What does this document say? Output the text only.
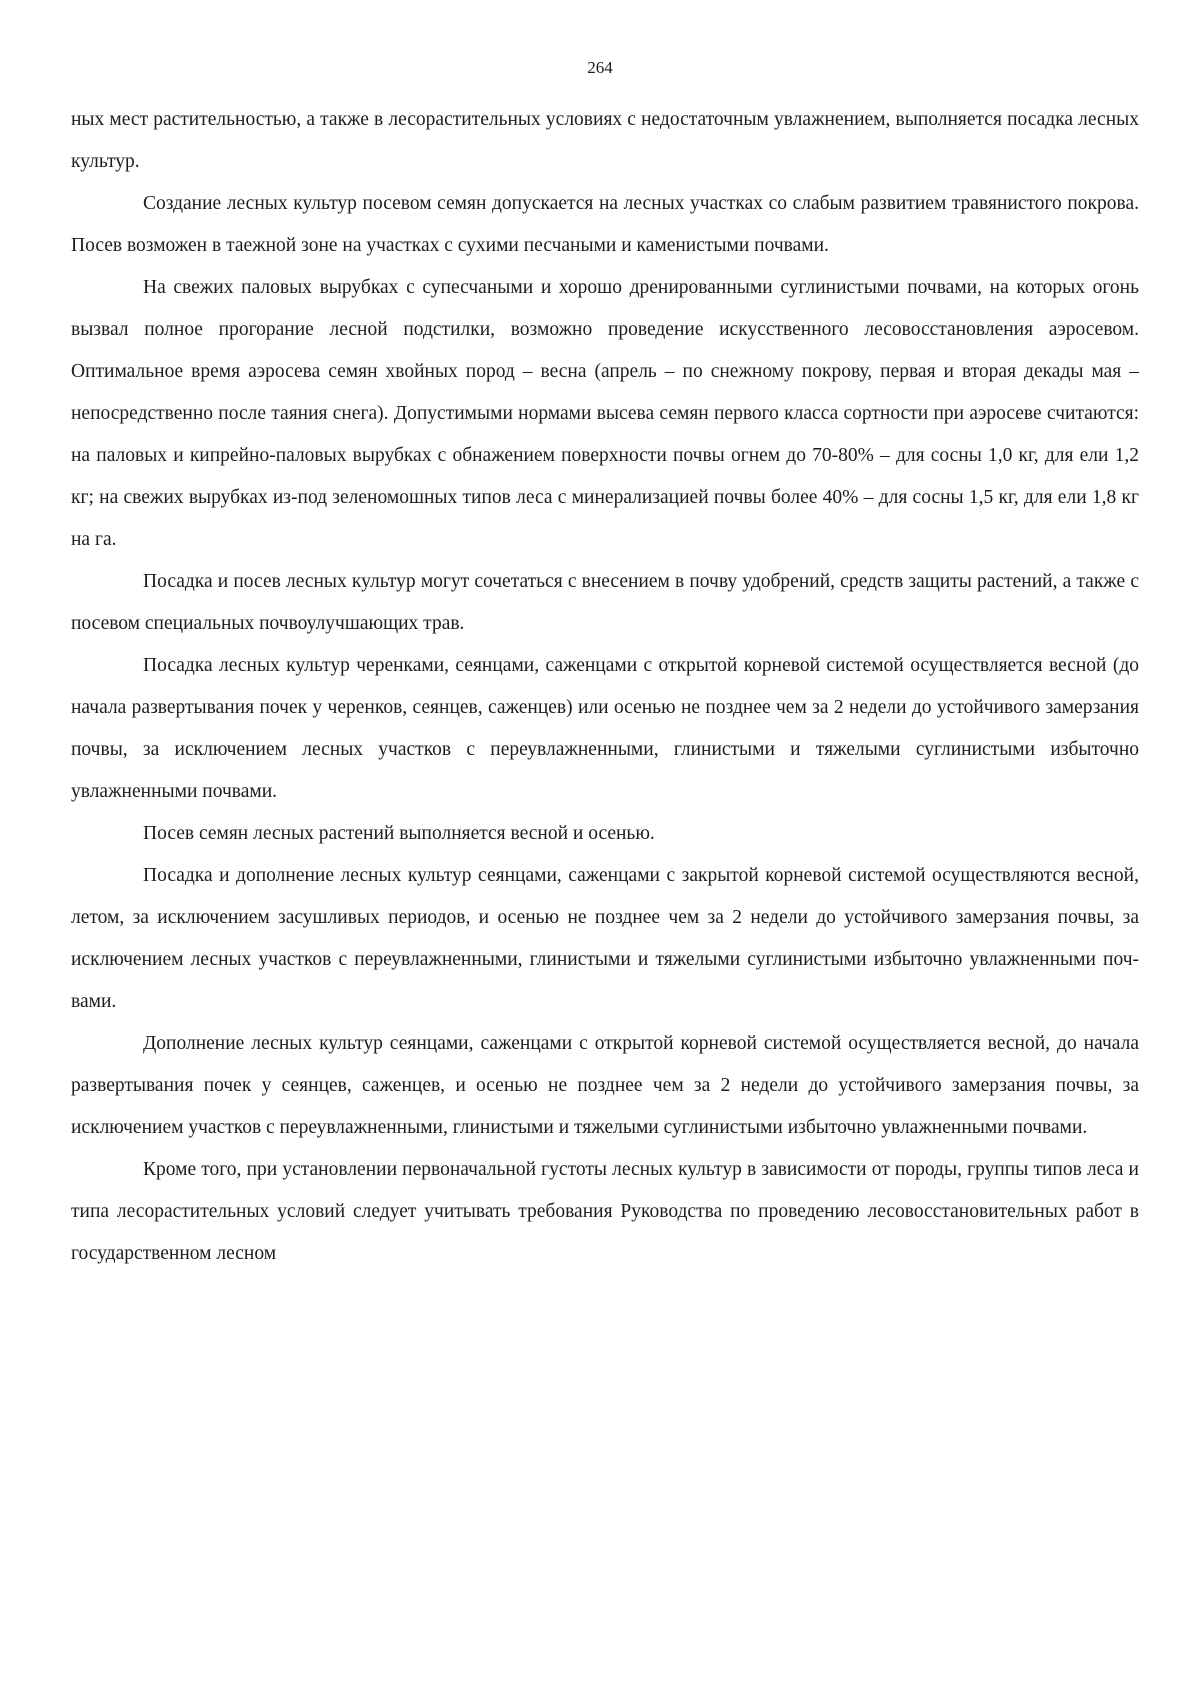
264

ных мест растительностью, а также в лесорастительных условиях с недостаточным увлажнением, выполняется посадка лесных культур.

Создание лесных культур посевом семян допускается на лесных участках со слабым развитием травянистого покрова. Посев возможен в таежной зоне на участках с сухими песчаными и каменистыми почвами.

На свежих паловых вырубках с супесчаными и хорошо дренированными суглинистыми почвами, на которых огонь вызвал полное прогорание лесной подстилки, возможно проведение искусственного лесовосстановления аэросевом. Оптимальное время аэросева семян хвойных пород – весна (апрель – по снежному покрову, первая и вторая декады мая – непосредственно после таяния снега). Допустимыми нормами высева семян первого класса сортности при аэросеве считаются: на паловых и кипрейно-паловых вырубках с обнажением поверхности почвы огнем до 70-80% – для сосны 1,0 кг, для ели 1,2 кг; на свежих вырубках из-под зеленомошных типов леса с минерализацией почвы более 40% – для сосны 1,5 кг, для ели 1,8 кг на га.

Посадка и посев лесных культур могут сочетаться с внесением в почву удобрений, средств защиты растений, а также с посевом специальных почвоулучшающих трав.

Посадка лесных культур черенками, сеянцами, саженцами с открытой корневой системой осуществляется весной (до начала развертывания почек у черенков, сеянцев, саженцев) или осенью не позднее чем за 2 недели до устойчивого замерзания почвы, за исключением лесных участков с переувлажненными, глинистыми и тяжелыми суглинистыми избыточно увлажненными почвами.

Посев семян лесных растений выполняется весной и осенью.

Посадка и дополнение лесных культур сеянцами, саженцами с закрытой корневой системой осуществляются весной, летом, за исключением засушливых периодов, и осенью не позднее чем за 2 недели до устойчивого замерзания почвы, за исключением лесных участков с переувлажненными, глинистыми и тяжелыми суглинистыми избыточно увлажненными почвами.

Дополнение лесных культур сеянцами, саженцами с открытой корневой системой осуществляется весной, до начала развертывания почек у сеянцев, саженцев, и осенью не позднее чем за 2 недели до устойчивого замерзания почвы, за исключением участков с переувлажненными, глинистыми и тяжелыми суглинистыми избыточно увлажненными почвами.

Кроме того, при установлении первоначальной густоты лесных культур в зависимости от породы, группы типов леса и типа лесорастительных условий следует учитывать требования Руководства по проведению лесовосстановительных работ в государственном лесном
